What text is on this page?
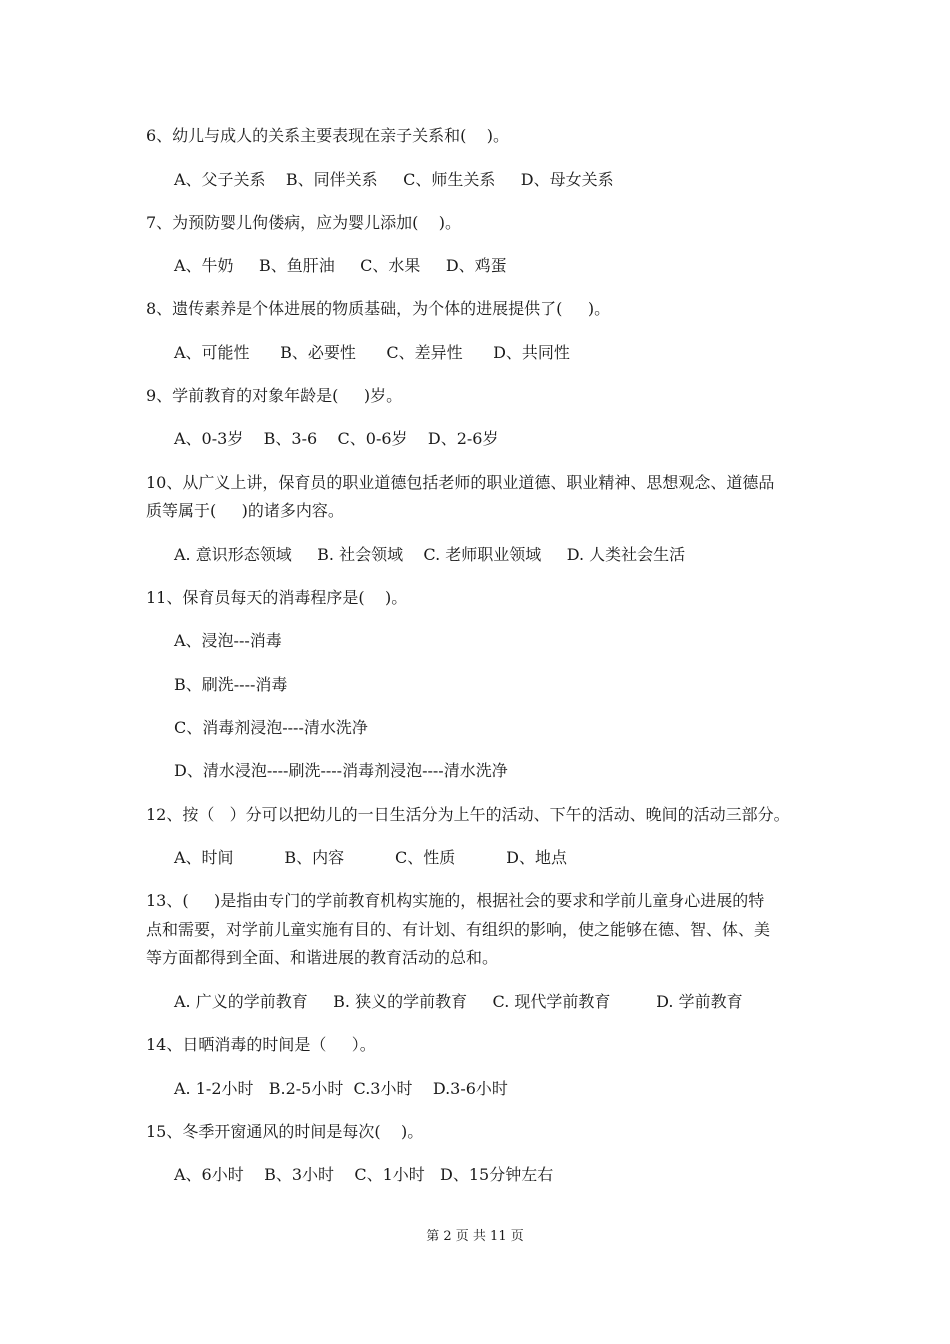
6、幼儿与成人的关系主要表现在亲子关系和(    )。
A、父子关系    B、同伴关系     C、师生关系     D、母女关系
7、为预防婴儿佝偻病，应为婴儿添加(    )。
A、牛奶     B、鱼肝油     C、水果     D、鸡蛋
8、遗传素养是个体进展的物质基础，为个体的进展提供了(     )。
A、可能性      B、必要性      C、差异性      D、共同性
9、学前教育的对象年龄是(     )岁。
A、0-3岁    B、3-6    C、0-6岁    D、2-6岁
10、从广义上讲，保育员的职业道德包括老师的职业道德、职业精神、思想观念、道德品
质等属于(     )的诸多内容。
A. 意识形态领域     B. 社会领域    C. 老师职业领域     D. 人类社会生活
11、保育员每天的消毒程序是(    )。
A、浸泡---消毒
B、刷洗----消毒
C、消毒剂浸泡----清水洗净
D、清水浸泡----刷洗----消毒剂浸泡----清水洗净
12、按（   ）分可以把幼儿的一日生活分为上午的活动、下午的活动、晚间的活动三部分。
A、时间          B、内容          C、性质          D、地点
13、(     )是指由专门的学前教育机构实施的，根据社会的要求和学前儿童身心进展的特
点和需要，对学前儿童实施有目的、有计划、有组织的影响，使之能够在德、智、体、美
等方面都得到全面、和谐进展的教育活动的总和。
A. 广义的学前教育     B. 狭义的学前教育     C. 现代学前教育         D. 学前教育
14、日晒消毒的时间是（     ）。
A. 1-2小时   B.2-5小时  C.3小时    D.3-6小时
15、冬季开窗通风的时间是每次(    )。
A、6小时    B、3小时    C、1小时   D、15分钟左右
第 2 页 共 11 页
